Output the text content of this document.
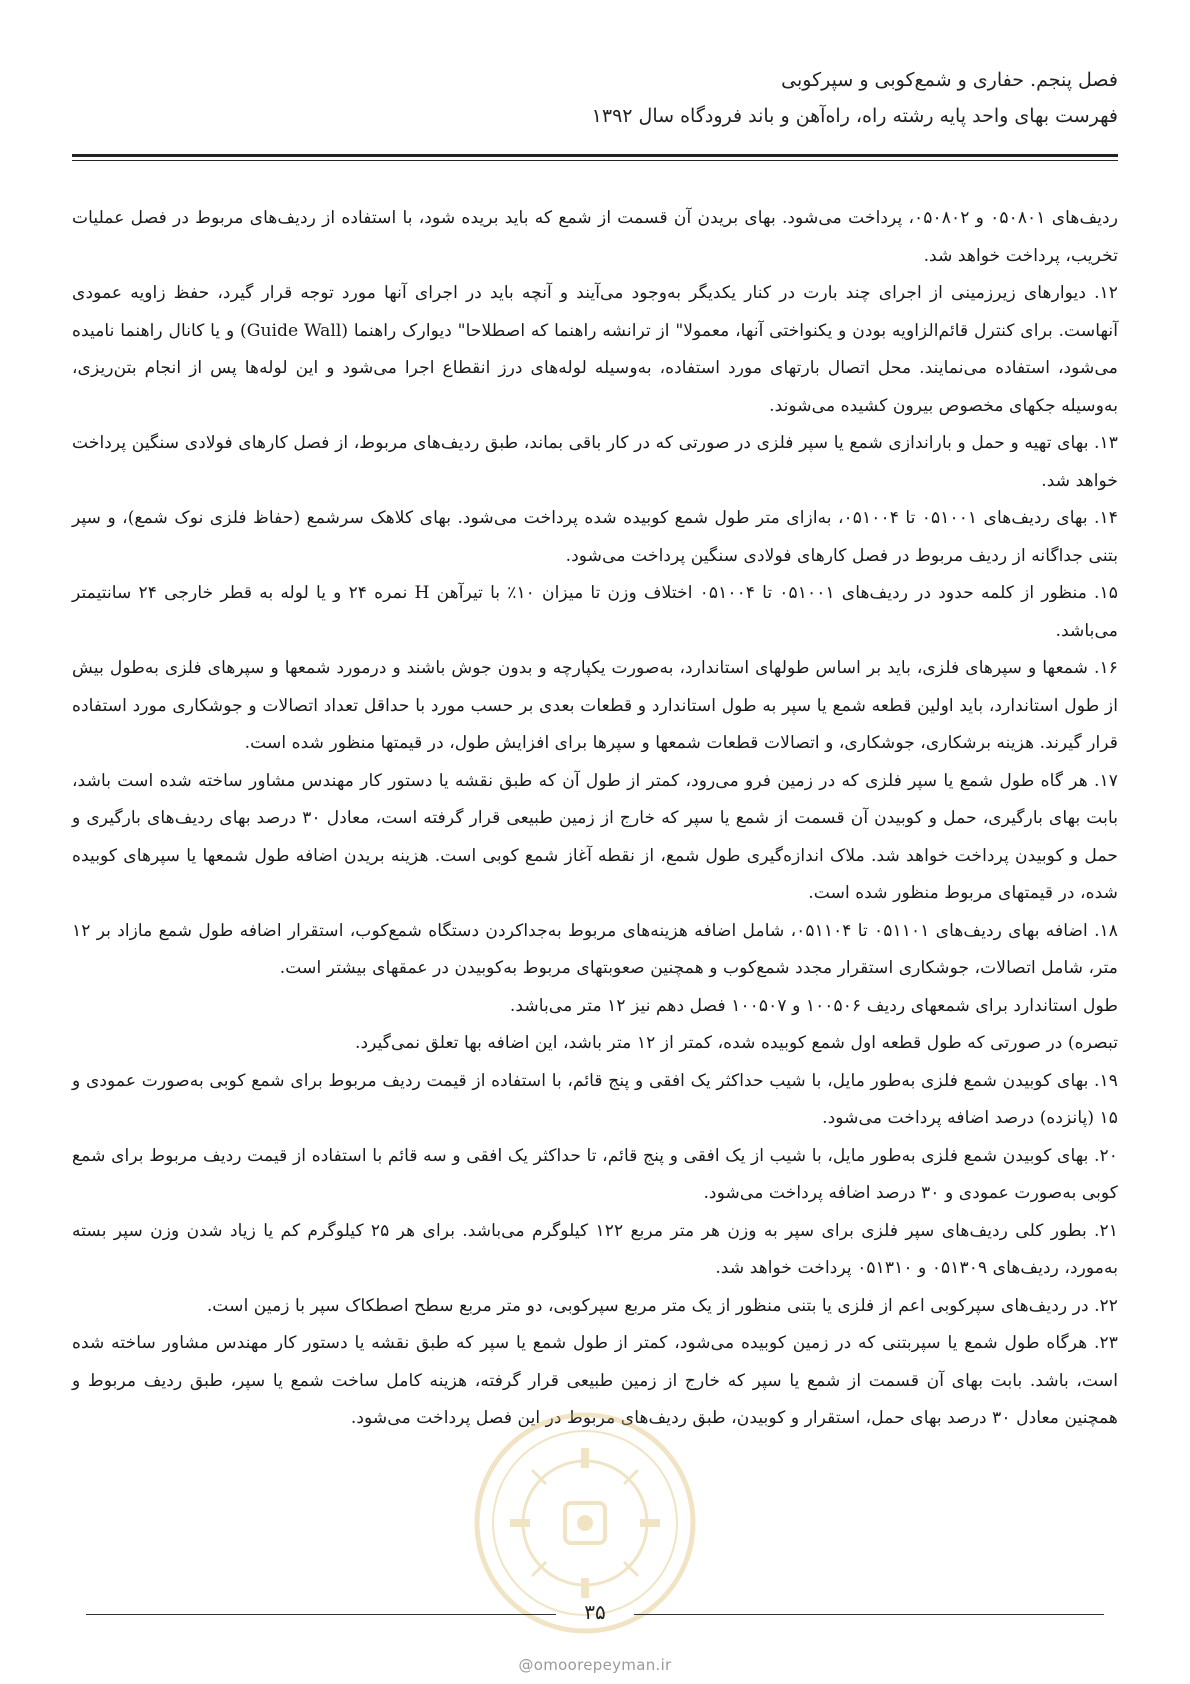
فصل پنجم. حفاری و شمع‌کوبی و سپرکوبی
فهرست بهای واحد پایه رشته راه، راه‌آهن و باند فرودگاه سال ۱۳۹۲

ردیف‌های ۰۵۰۸۰۱ و ۰۵۰۸۰۲، پرداخت می‌شود. بهای بریدن آن قسمت از شمع که باید بریده شود، با استفاده از ردیف‌های مربوط در فصل عملیات تخریب، پرداخت خواهد شد.

۱۲. دیوارهای زیرزمینی از اجرای چند بارت در کنار یکدیگر به‌وجود می‌آیند و آنچه باید در اجرای آنها مورد توجه قرار گیرد، حفظ زاویه عمودی آنهاست. برای کنترل قائم‌الزاویه بودن و یکنواختی آنها، معمولا" از ترانشه راهنما که اصطلاحا" دیوارک راهنما (Guide Wall) و یا کانال راهنما نامیده می‌شود، استفاده می‌نمایند. محل اتصال بارتهای مورد استفاده، به‌وسیله لوله‌های درز انقطاع اجرا می‌شود و این لوله‌ها پس از انجام بتن‌ریزی، به‌وسیله جکهای مخصوص بیرون کشیده می‌شوند.

۱۳. بهای تهیه و حمل و باراندازی شمع یا سپر فلزی در صورتی که در کار باقی بماند، طبق ردیف‌های مربوط، از فصل کارهای فولادی سنگین پرداخت خواهد شد.

۱۴. بهای ردیف‌های ۰۵۱۰۰۱ تا ۰۵۱۰۰۴، به‌ازای متر طول شمع کوبیده شده پرداخت می‌شود. بهای کلاهک سرشمع (حفاظ فلزی نوک شمع)، و سپر بتنی جداگانه از ردیف مربوط در فصل کارهای فولادی سنگین پرداخت می‌شود.

۱۵. منظور از کلمه حدود در ردیف‌های ۰۵۱۰۰۱ تا ۰۵۱۰۰۴ اختلاف وزن تا میزان ۱۰٪ با تیرآهن H نمره ۲۴ و یا لوله به قطر خارجی ۲۴ سانتیمتر می‌باشد.

۱۶. شمعها و سپرهای فلزی، باید بر اساس طولهای استاندارد، به‌صورت یکپارچه و بدون جوش باشند و درمورد شمعها و سپرهای فلزی به‌طول بیش از طول استاندارد، باید اولین قطعه شمع یا سپر به طول استاندارد و قطعات بعدی بر حسب مورد با حداقل تعداد اتصالات و جوشکاری مورد استفاده قرار گیرند. هزینه برشکاری، جوشکاری، و اتصالات قطعات شمعها و سپرها برای افزایش طول، در قیمتها منظور شده است.

۱۷. هر گاه طول شمع یا سپر فلزی که در زمین فرو می‌رود، کمتر از طول آن که طبق نقشه یا دستور کار مهندس مشاور ساخته شده است باشد، بابت بهای بارگیری، حمل و کوبیدن آن قسمت از شمع یا سپر که خارج از زمین طبیعی قرار گرفته است، معادل ۳۰ درصد بهای ردیف‌های بارگیری و حمل و کوبیدن پرداخت خواهد شد. ملاک اندازه‌گیری طول شمع، از نقطه آغاز شمع کوبی است. هزینه بریدن اضافه طول شمعها یا سپرهای کوبیده شده، در قیمتهای مربوط منظور شده است.

۱۸. اضافه بهای ردیف‌های ۰۵۱۱۰۱ تا ۰۵۱۱۰۴، شامل اضافه هزینه‌های مربوط به‌جداکردن دستگاه شمع‌کوب، استقرار اضافه طول شمع مازاد بر ۱۲ متر، شامل اتصالات، جوشکاری استقرار مجدد شمع‌کوب و همچنین صعوبتهای مربوط به‌کوبیدن در عمقهای بیشتر است.

طول استاندارد برای شمعهای ردیف ۱۰۰۵۰۶ و ۱۰۰۵۰۷ فصل دهم نیز ۱۲ متر می‌باشد.

تبصره) در صورتی که طول قطعه اول شمع کوبیده شده، کمتر از ۱۲ متر باشد، این اضافه بها تعلق نمی‌گیرد.

۱۹. بهای کوبیدن شمع فلزی به‌طور مایل، با شیب حداکثر یک افقی و پنج قائم، با استفاده از قیمت ردیف مربوط برای شمع کوبی به‌صورت عمودی و ۱۵ (پانزده) درصد اضافه پرداخت می‌شود.

۲۰. بهای کوبیدن شمع فلزی به‌طور مایل، با شیب از یک افقی و پنج قائم، تا حداکثر یک افقی و سه قائم با استفاده از قیمت ردیف مربوط برای شمع کوبی به‌صورت عمودی و ۳۰ درصد اضافه پرداخت می‌شود.

۲۱. بطور کلی ردیف‌های سپر فلزی برای سپر به وزن هر متر مربع ۱۲۲ کیلوگرم می‌باشد. برای هر ۲۵ کیلوگرم کم یا زیاد شدن وزن سپر بسته به‌مورد، ردیف‌های ۰۵۱۳۰۹ و ۰۵۱۳۱۰ پرداخت خواهد شد.

۲۲. در ردیف‌های سپرکوبی اعم از فلزی یا بتنی منظور از یک متر مربع سپرکوبی، دو متر مربع سطح اصطکاک سپر با زمین است.

۲۳. هرگاه طول شمع یا سپربتنی که در زمین کوبیده می‌شود، کمتر از طول شمع یا سپر که طبق نقشه یا دستور کار مهندس مشاور ساخته شده است، باشد. بابت بهای آن قسمت از شمع یا سپر که خارج از زمین طبیعی قرار گرفته، هزینه کامل ساخت شمع یا سپر، طبق ردیف مربوط و همچنین معادل ۳۰ درصد بهای حمل، استقرار و کوبیدن، طبق ردیف‌های مربوط در این فصل پرداخت می‌شود.

۳۵
@omoorepeyman.ir
